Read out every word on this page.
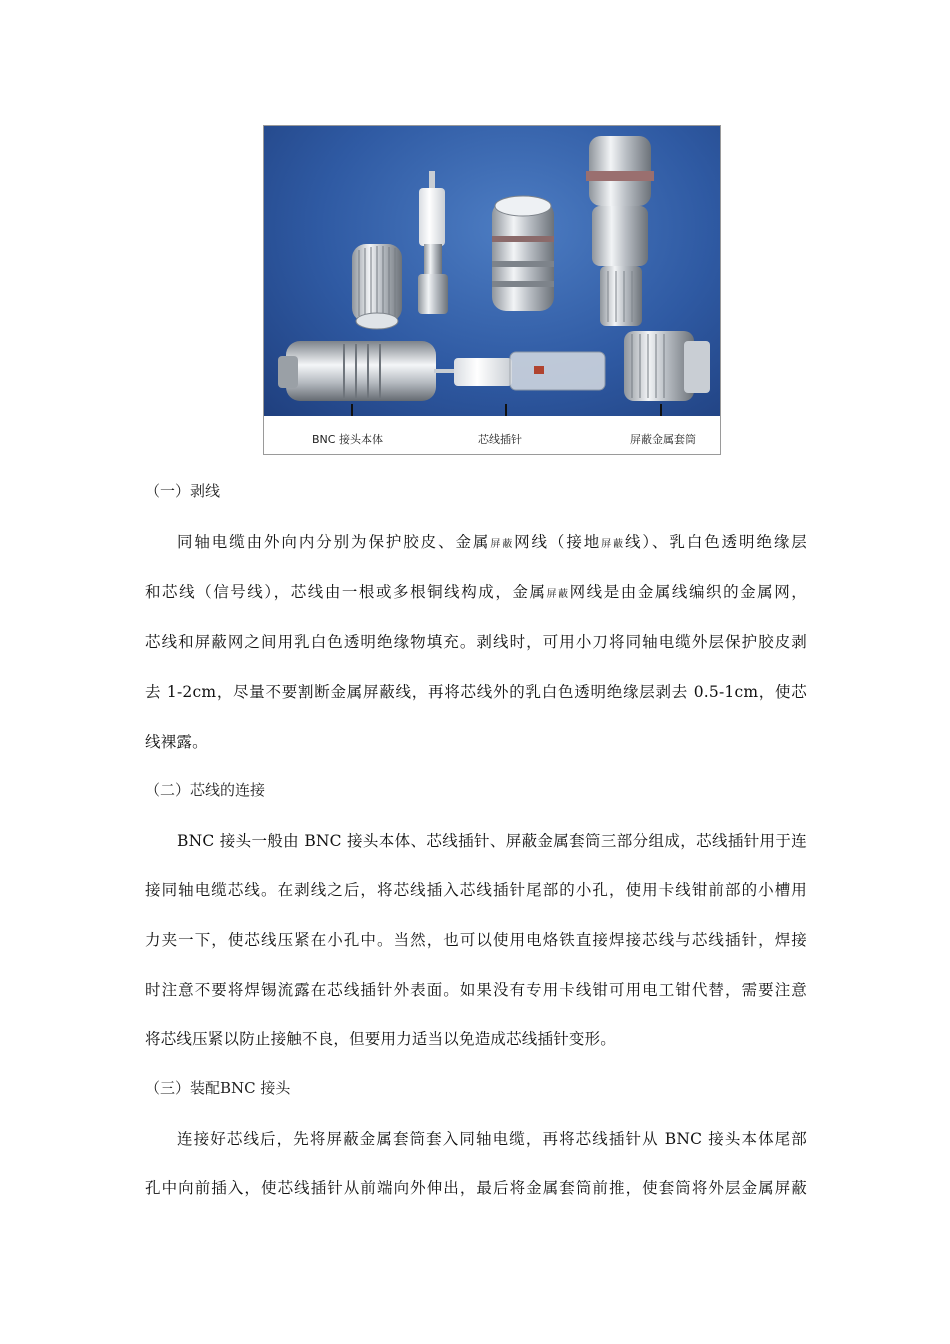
BNC 接头本体	芯线插针	屏蔽金属套筒
（一）剥线
同轴电缆由外向内分别为保护胶皮、金属屏蔽网线（接地屏蔽线）、乳白色透明绝缘层
和芯线（信号线），芯线由一根或多根铜线构成，金属屏蔽网线是由金属线编织的金属网，
芯线和屏蔽网之间用乳白色透明绝缘物填充。剥线时，可用小刀将同轴电缆外层保护胶皮剥
去 1-2cm，尽量不要割断金属屏蔽线，再将芯线外的乳白色透明绝缘层剥去 0.5-1cm，使芯
线裸露。
（二）芯线的连接
BNC 接头一般由 BNC 接头本体、芯线插针、屏蔽金属套筒三部分组成，芯线插针用于连
接同轴电缆芯线。在剥线之后，将芯线插入芯线插针尾部的小孔，使用卡线钳前部的小槽用
力夹一下，使芯线压紧在小孔中。当然，也可以使用电烙铁直接焊接芯线与芯线插针，焊接
时注意不要将焊锡流露在芯线插针外表面。如果没有专用卡线钳可用电工钳代替，需要注意
将芯线压紧以防止接触不良，但要用力适当以免造成芯线插针变形。
（三）装配BNC 接头
连接好芯线后，先将屏蔽金属套筒套入同轴电缆，再将芯线插针从 BNC 接头本体尾部
孔中向前插入，使芯线插针从前端向外伸出，最后将金属套筒前推，使套筒将外层金属屏蔽
